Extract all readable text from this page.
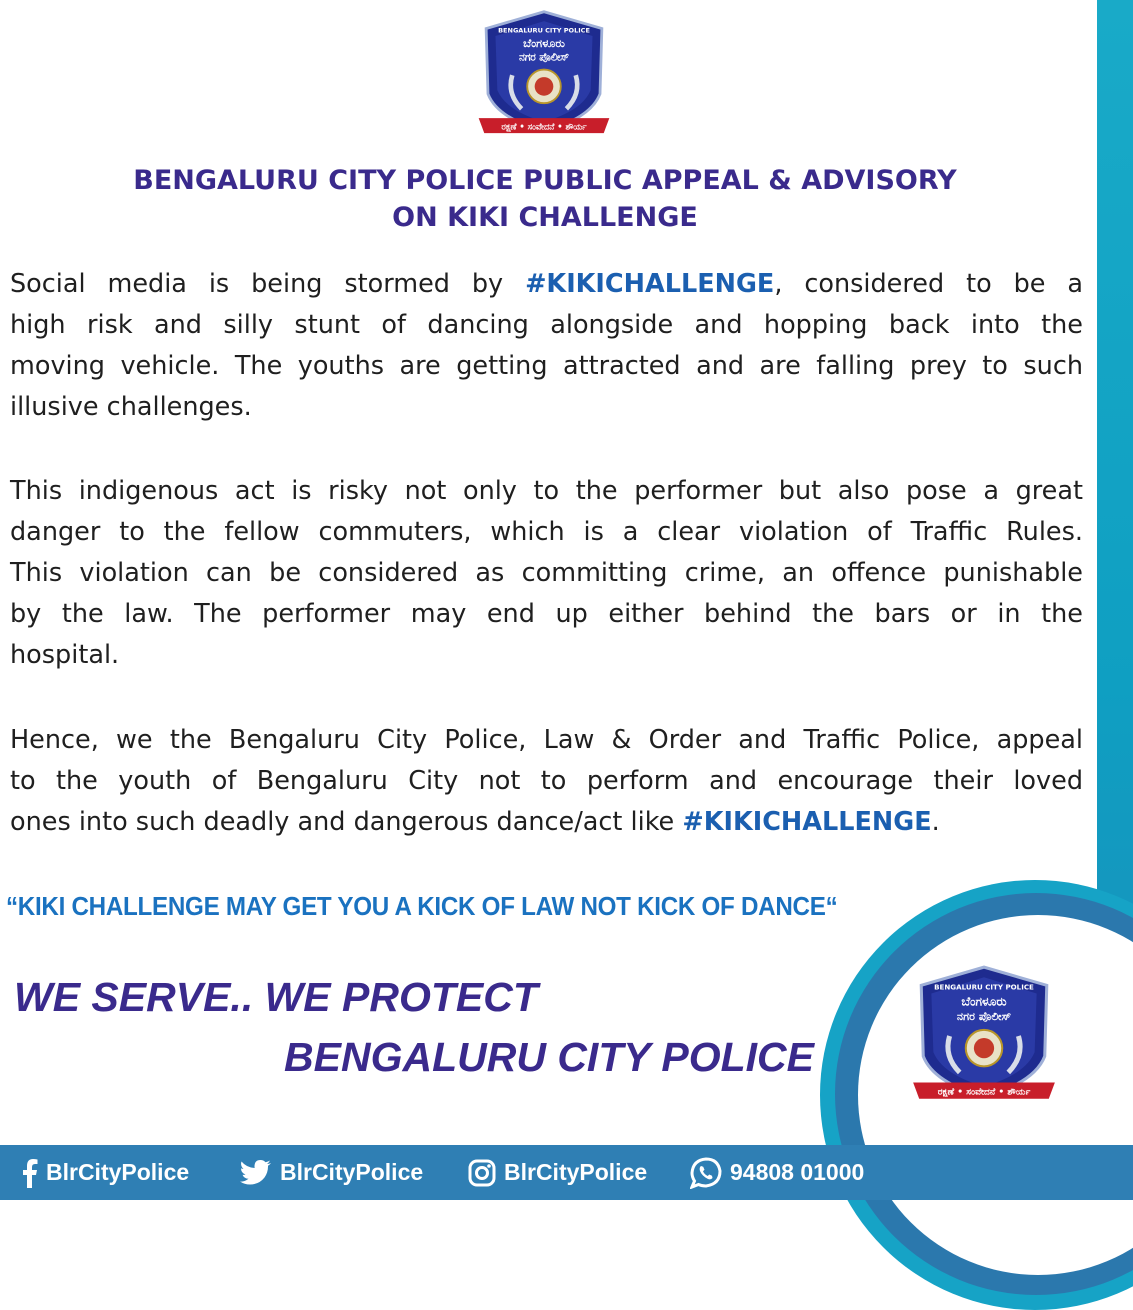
BENGALURU CITY POLICE
ಬೆಂಗಳೂರು
ನಗರ ಪೊಲೀಸ್
ರಕ್ಷಣೆ • ಸಂವೇದನೆ • ಶೌರ್ಯ
BENGALURU CITY POLICE PUBLIC APPEAL & ADVISORY
ON KIKI CHALLENGE
Social media is being stormed by #KIKICHALLENGE, considered to be a
high risk and silly stunt of dancing alongside and hopping back into the
moving vehicle. The youths are getting attracted and are falling prey to such
illusive challenges.
This indigenous act is risky not only to the performer but also pose a great
danger to the fellow commuters, which is a clear violation of Traffic Rules.
This violation can be considered as committing crime, an offence punishable
by the law. The performer may end up either behind the bars or in the
hospital.
Hence, we the Bengaluru City Police, Law & Order and Traffic Police, appeal
to the youth of Bengaluru City not to perform and encourage their loved
ones into such deadly and dangerous dance/act like #KIKICHALLENGE.
“KIKI CHALLENGE MAY GET YOU A KICK OF LAW NOT KICK OF DANCE“
WE SERVE.. WE PROTECT
BENGALURU CITY POLICE
BENGALURU CITY POLICE
ಬೆಂಗಳೂರು
ನಗರ ಪೊಲೀಸ್
ರಕ್ಷಣೆ • ಸಂವೇದನೆ • ಶೌರ್ಯ
BlrCityPolice	BlrCityPolice	BlrCityPolice	94808 01000
